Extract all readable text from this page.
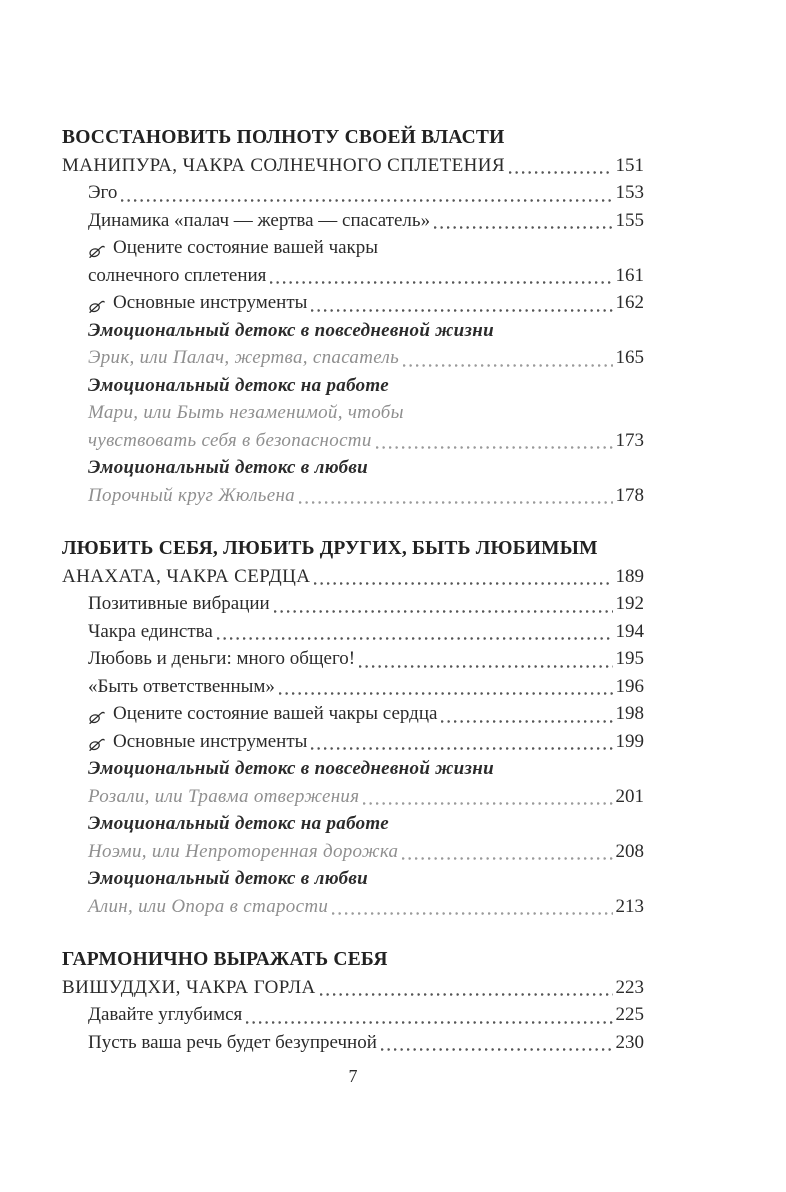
ВОССТАНОВИТЬ ПОЛНОТУ СВОЕЙ ВЛАСТИ
МАНИПУРА, ЧАКРА СОЛНЕЧНОГО СПЛЕТЕНИЯ	151
Эго	153
Динамика «палач — жертва — спасатель»	155
Оцените состояние вашей чакры
солнечного сплетения	161
Основные инструменты	162
Эмоциональный детокс в повседневной жизни
Эрик, или Палач, жертва, спасатель	165
Эмоциональный детокс на работе
Мари, или Быть незаменимой, чтобы
чувствовать себя в безопасности	173
Эмоциональный детокс в любви
Порочный круг Жюльена	178
ЛЮБИТЬ СЕБЯ, ЛЮБИТЬ ДРУГИХ, БЫТЬ ЛЮБИМЫМ
АНАХАТА, ЧАКРА СЕРДЦА	189
Позитивные вибрации	192
Чакра единства	194
Любовь и деньги: много общего!	195
«Быть ответственным»	196
Оцените состояние вашей чакры сердца	198
Основные инструменты	199
Эмоциональный детокс в повседневной жизни
Розали, или Травма отвержения	201
Эмоциональный детокс на работе
Ноэми, или Непроторенная дорожка	208
Эмоциональный детокс в любви
Алин, или Опора в старости	213
ГАРМОНИЧНО ВЫРАЖАТЬ СЕБЯ
ВИШУДДХИ, ЧАКРА ГОРЛА	223
Давайте углубимся	225
Пусть ваша речь будет безупречной	230
7
